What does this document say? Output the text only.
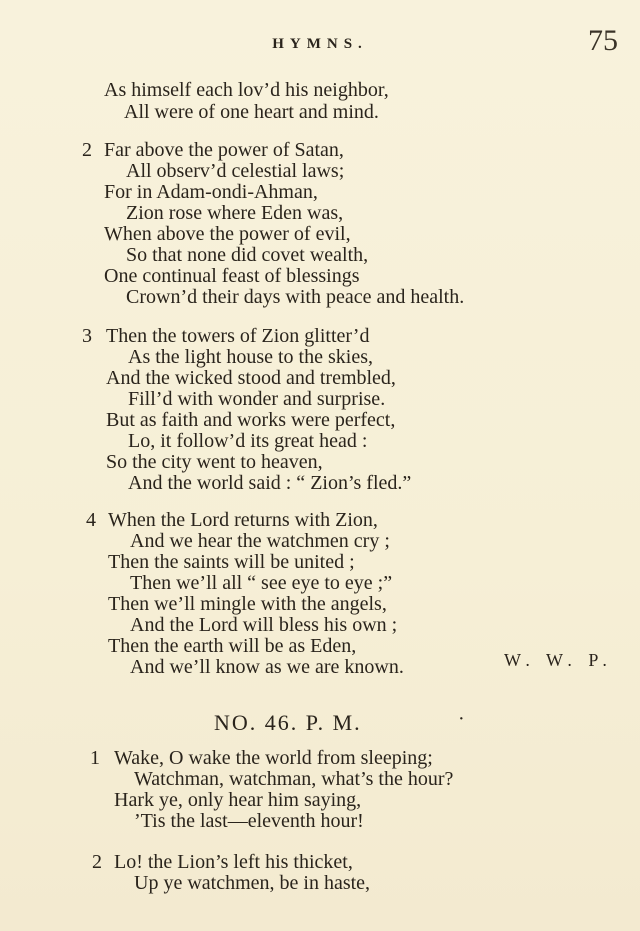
HYMNS.	75
As himself each lov’d his neighbor,
All were of one heart and mind.
2 Far above the power of Satan,
All observ’d celestial laws;
For in Adam-ondi-Ahman,
Zion rose where Eden was,
When above the power of evil,
So that none did covet wealth,
One continual feast of blessings
Crown’d their days with peace and health.
3 Then the towers of Zion glitter’d
As the light house to the skies,
And the wicked stood and trembled,
Fill’d with wonder and surprise.
But as faith and works were perfect,
Lo, it follow’d its great head :
So the city went to heaven,
And the world said : “ Zion’s fled.”
4 When the Lord returns with Zion,
And we hear the watchmen cry ;
Then the saints will be united ;
Then we’ll all “ see eye to eye ;”
Then we’ll mingle with the angels,
And the Lord will bless his own ;
Then the earth will be as Eden,
And we’ll know as we are known.	W. W. P.
NO. 46. P. M.	·
1 Wake, O wake the world from sleeping;
Watchman, watchman, what’s the hour?
Hark ye, only hear him saying,
’Tis the last—eleventh hour!
2 Lo! the Lion’s left his thicket,
Up ye watchmen, be in haste,
